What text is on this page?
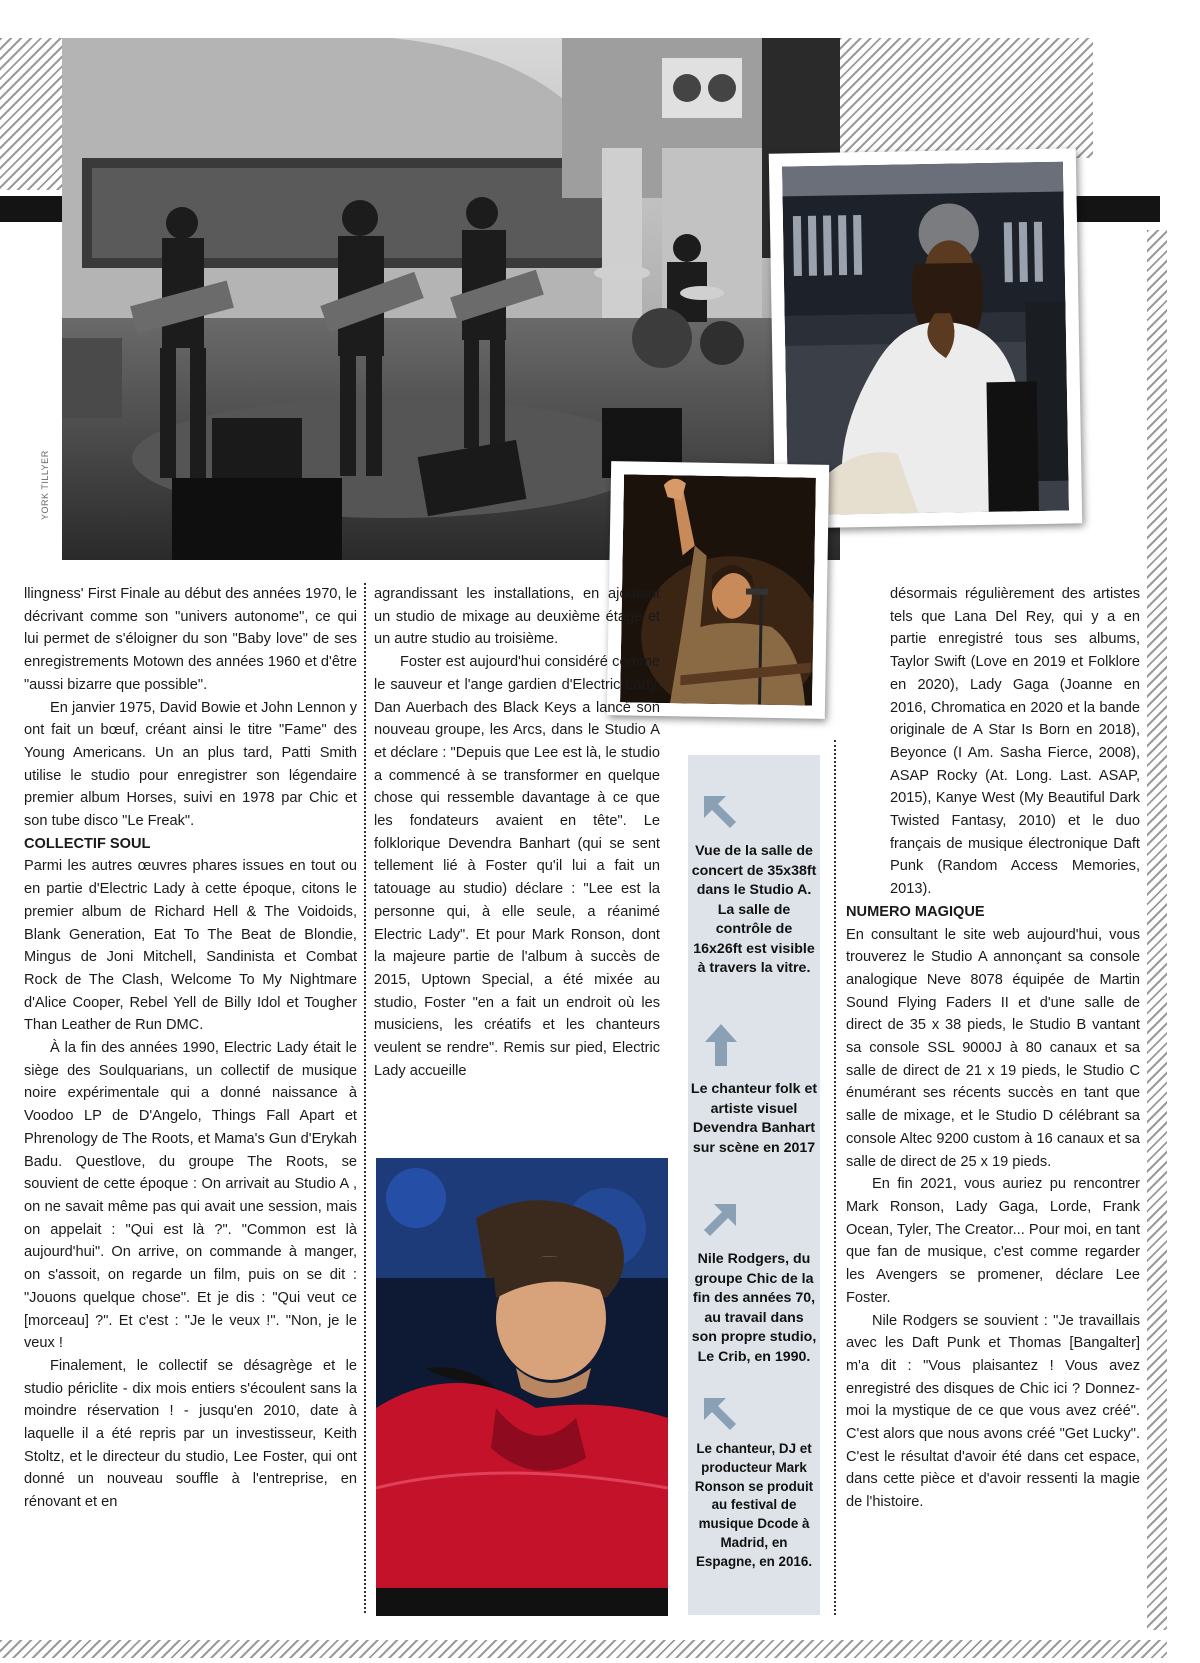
YORK TILLYER

llingness' First Finale au début des années 1970, le décrivant comme son "univers autonome", ce qui lui permet de s'éloigner du son "Baby love" de ses enregistrements Motown des années 1960 et d'être "aussi bizarre que possible".

En janvier 1975, David Bowie et John Lennon y ont fait un bœuf, créant ainsi le titre "Fame" des Young Americans. Un an plus tard, Patti Smith utilise le studio pour enregistrer son légendaire premier album Horses, suivi en 1978 par Chic et son tube disco "Le Freak".

COLLECTIF SOUL

Parmi les autres œuvres phares issues en tout ou en partie d'Electric Lady à cette époque, citons le premier album de Richard Hell & The Voidoids, Blank Generation, Eat To The Beat de Blondie, Mingus de Joni Mitchell, Sandinista et Combat Rock de The Clash, Welcome To My Nightmare d'Alice Cooper, Rebel Yell de Billy Idol et Tougher Than Leather de Run DMC.

À la fin des années 1990, Electric Lady était le siège des Soulquarians, un collectif de musique noire expérimentale qui a donné naissance à Voodoo LP de D'Angelo, Things Fall Apart et Phrenology de The Roots, et Mama's Gun d'Erykah Badu. Questlove, du groupe The Roots, se souvient de cette époque : On arrivait au Studio A , on ne savait même pas qui avait une session, mais on appelait : "Qui est là ?". "Common est là aujourd'hui". On arrive, on commande à manger, on s'assoit, on regarde un film, puis on se dit : "Jouons quelque chose". Et je dis : "Qui veut ce [morceau] ?". Et c'est : "Je le veux !". "Non, je le veux !

Finalement, le collectif se désagrège et le studio périclite - dix mois entiers s'écoulent sans la moindre réservation ! - jusqu'en 2010, date à laquelle il a été repris par un investisseur, Keith Stoltz, et le directeur du studio, Lee Foster, qui ont donné un nouveau souffle à l'entreprise, en rénovant et en

agrandissant les installations, en ajoutant un studio de mixage au deuxième étage et un autre studio au troisième.

Foster est aujourd'hui considéré comme le sauveur et l'ange gardien d'Electric Lady. Dan Auerbach des Black Keys a lancé son nouveau groupe, les Arcs, dans le Studio A et déclare : "Depuis que Lee est là, le studio a commencé à se transformer en quelque chose qui ressemble davantage à ce que les fondateurs avaient en tête". Le folklorique Devendra Banhart (qui se sent tellement lié à Foster qu'il lui a fait un tatouage au studio) déclare : "Lee est la personne qui, à elle seule, a réanimé Electric Lady". Et pour Mark Ronson, dont la majeure partie de l'album à succès de 2015, Uptown Special, a été mixée au studio, Foster "en a fait un endroit où les musiciens, les créatifs et les chanteurs veulent se rendre". Remis sur pied, Electric Lady accueille

Vue de la salle de concert de 35x38ft dans le Studio A. La salle de contrôle de 16x26ft est visible à travers la vitre.
Le chanteur folk et artiste visuel Devendra Banhart sur scène en 2017
Nile Rodgers, du groupe Chic de la fin des années 70, au travail dans son propre studio, Le Crib, en 1990.
Le chanteur, DJ et producteur Mark Ronson se produit au festival de musique Dcode à Madrid, en Espagne, en 2016.

désormais régulièrement des artistes tels que Lana Del Rey, qui y a en partie enregistré tous ses albums, Taylor Swift (Love en 2019 et Folklore en 2020), Lady Gaga (Joanne en 2016, Chromatica en 2020 et la bande originale de A Star Is Born en 2018), Beyonce (I Am. Sasha Fierce, 2008), ASAP Rocky (At. Long. Last. ASAP, 2015), Kanye West (My Beautiful Dark Twisted Fantasy, 2010) et le duo français de musique électronique Daft Punk (Random Access Memories, 2013).

NUMERO MAGIQUE

En consultant le site web aujourd'hui, vous trouverez le Studio A annonçant sa console analogique Neve 8078 équipée de Martin Sound Flying Faders II et d'une salle de direct de 35 x 38 pieds, le Studio B vantant sa console SSL 9000J à 80 canaux et sa salle de direct de 21 x 19 pieds, le Studio C énumérant ses récents succès en tant que salle de mixage, et le Studio D célébrant sa console Altec 9200 custom à 16 canaux et sa salle de direct de 25 x 19 pieds.

En fin 2021, vous auriez pu rencontrer Mark Ronson, Lady Gaga, Lorde, Frank Ocean, Tyler, The Creator... Pour moi, en tant que fan de musique, c'est comme regarder les Avengers se promener, déclare Lee Foster.

Nile Rodgers se souvient : "Je travaillais avec les Daft Punk et Thomas [Bangalter] m'a dit : "Vous plaisantez ! Vous avez enregistré des disques de Chic ici ? Donnez-moi la mystique de ce que vous avez créé". C'est alors que nous avons créé "Get Lucky". C'est le résultat d'avoir été dans cet espace, dans cette pièce et d'avoir ressenti la magie de l'histoire.
